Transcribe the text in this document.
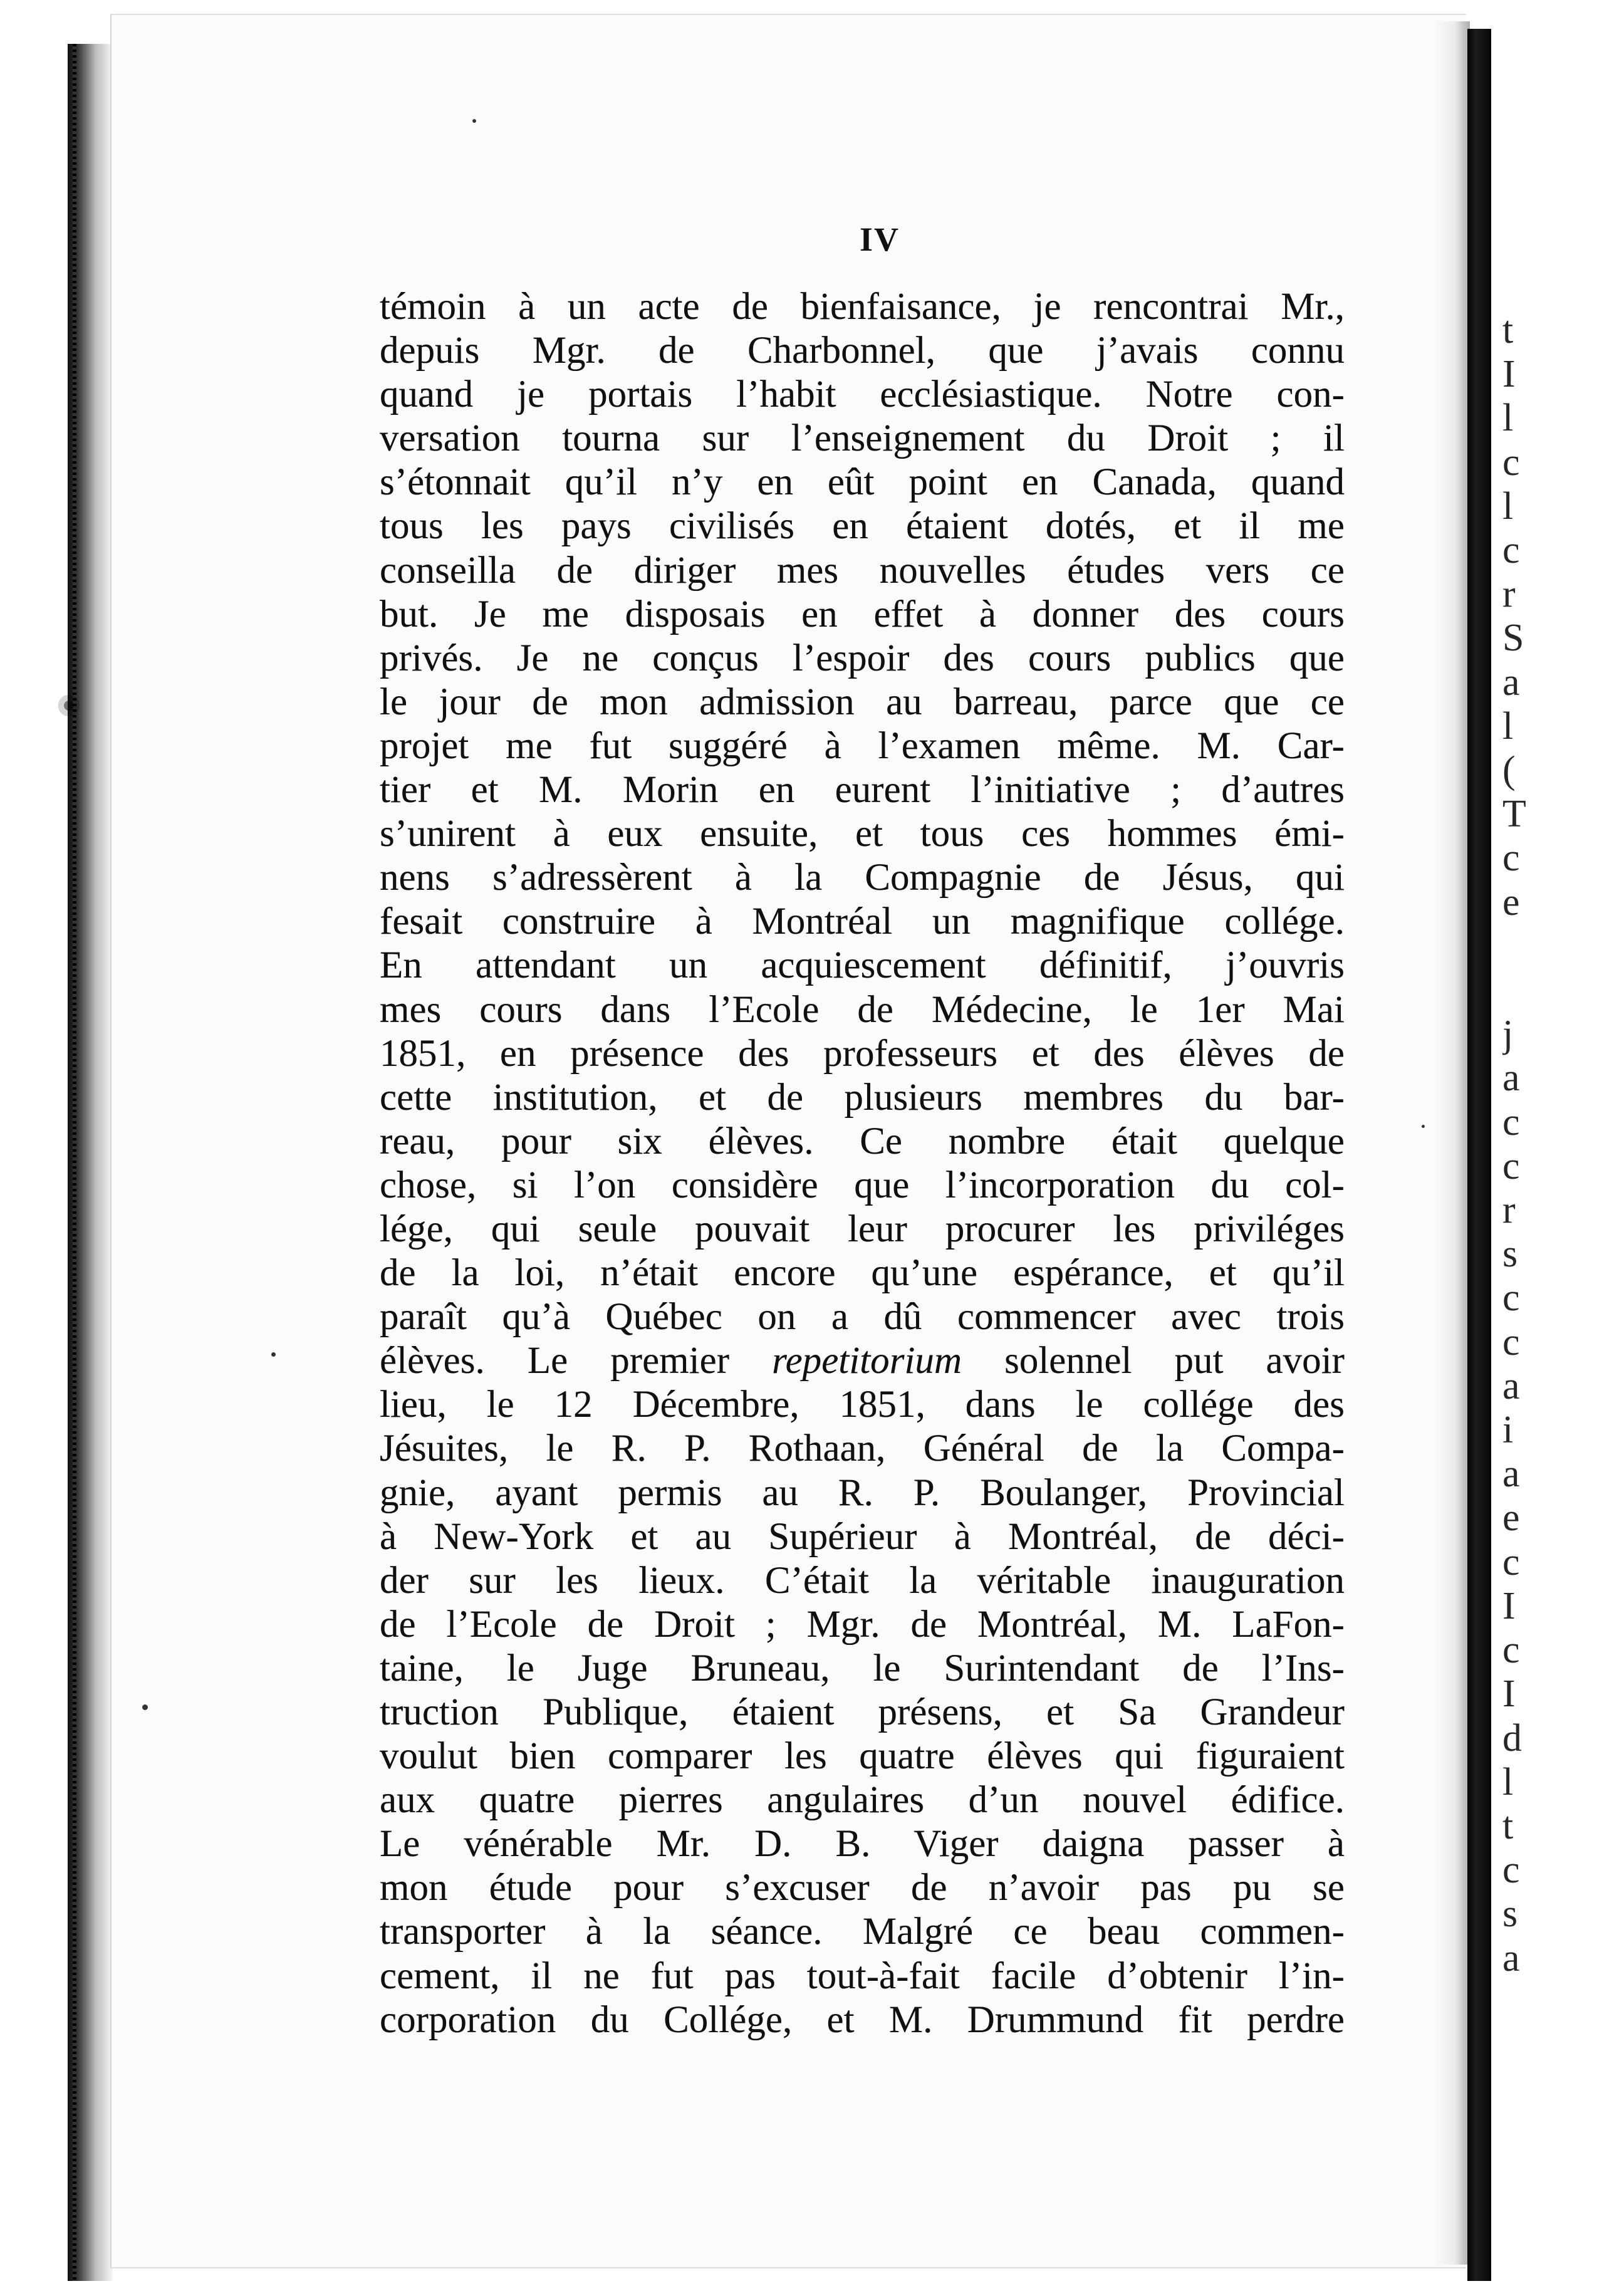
t
I
l
c
l
c
r
S
a
l
(
T
c
e

j
a
c
c
r
s
c
c
a
i
a
e
c
I
c
I
d
l
t
c
s
a
IV
témoin à un acte de bienfaisance, je rencontrai Mr.,
depuis Mgr. de Charbonnel, que j’avais connu
quand je portais l’habit ecclésiastique. Notre con-
versation tourna sur l’enseignement du Droit ; il
s’étonnait qu’il n’y en eût point en Canada, quand
tous les pays civilisés en étaient dotés, et il me
conseilla de diriger mes nouvelles études vers ce
but. Je me disposais en effet à donner des cours
privés. Je ne conçus l’espoir des cours publics que
le jour de mon admission au barreau, parce que ce
projet me fut suggéré à l’examen même. M. Car-
tier et M. Morin en eurent l’initiative ; d’autres
s’unirent à eux ensuite, et tous ces hommes émi-
nens s’adressèrent à la Compagnie de Jésus, qui
fesait construire à Montréal un magnifique collége.
En attendant un acquiescement définitif, j’ouvris
mes cours dans l’Ecole de Médecine, le 1er Mai
1851, en présence des professeurs et des élèves de
cette institution, et de plusieurs membres du bar-
reau, pour six élèves. Ce nombre était quelque
chose, si l’on considère que l’incorporation du col-
lége, qui seule pouvait leur procurer les priviléges
de la loi, n’était encore qu’une espérance, et qu’il
paraît qu’à Québec on a dû commencer avec trois
élèves. Le premier repetitorium solennel put avoir
lieu, le 12 Décembre, 1851, dans le collége des
Jésuites, le R. P. Rothaan, Général de la Compa-
gnie, ayant permis au R. P. Boulanger, Provincial
à New-York et au Supérieur à Montréal, de déci-
der sur les lieux. C’était la véritable inauguration
de l’Ecole de Droit ; Mgr. de Montréal, M. LaFon-
taine, le Juge Bruneau, le Surintendant de l’Ins-
truction Publique, étaient présens, et Sa Grandeur
voulut bien comparer les quatre élèves qui figuraient
aux quatre pierres angulaires d’un nouvel édifice.
Le vénérable Mr. D. B. Viger daigna passer à
mon étude pour s’excuser de n’avoir pas pu se
transporter à la séance. Malgré ce beau commen-
cement, il ne fut pas tout-à-fait facile d’obtenir l’in-
corporation du Collége, et M. Drummund fit perdre
